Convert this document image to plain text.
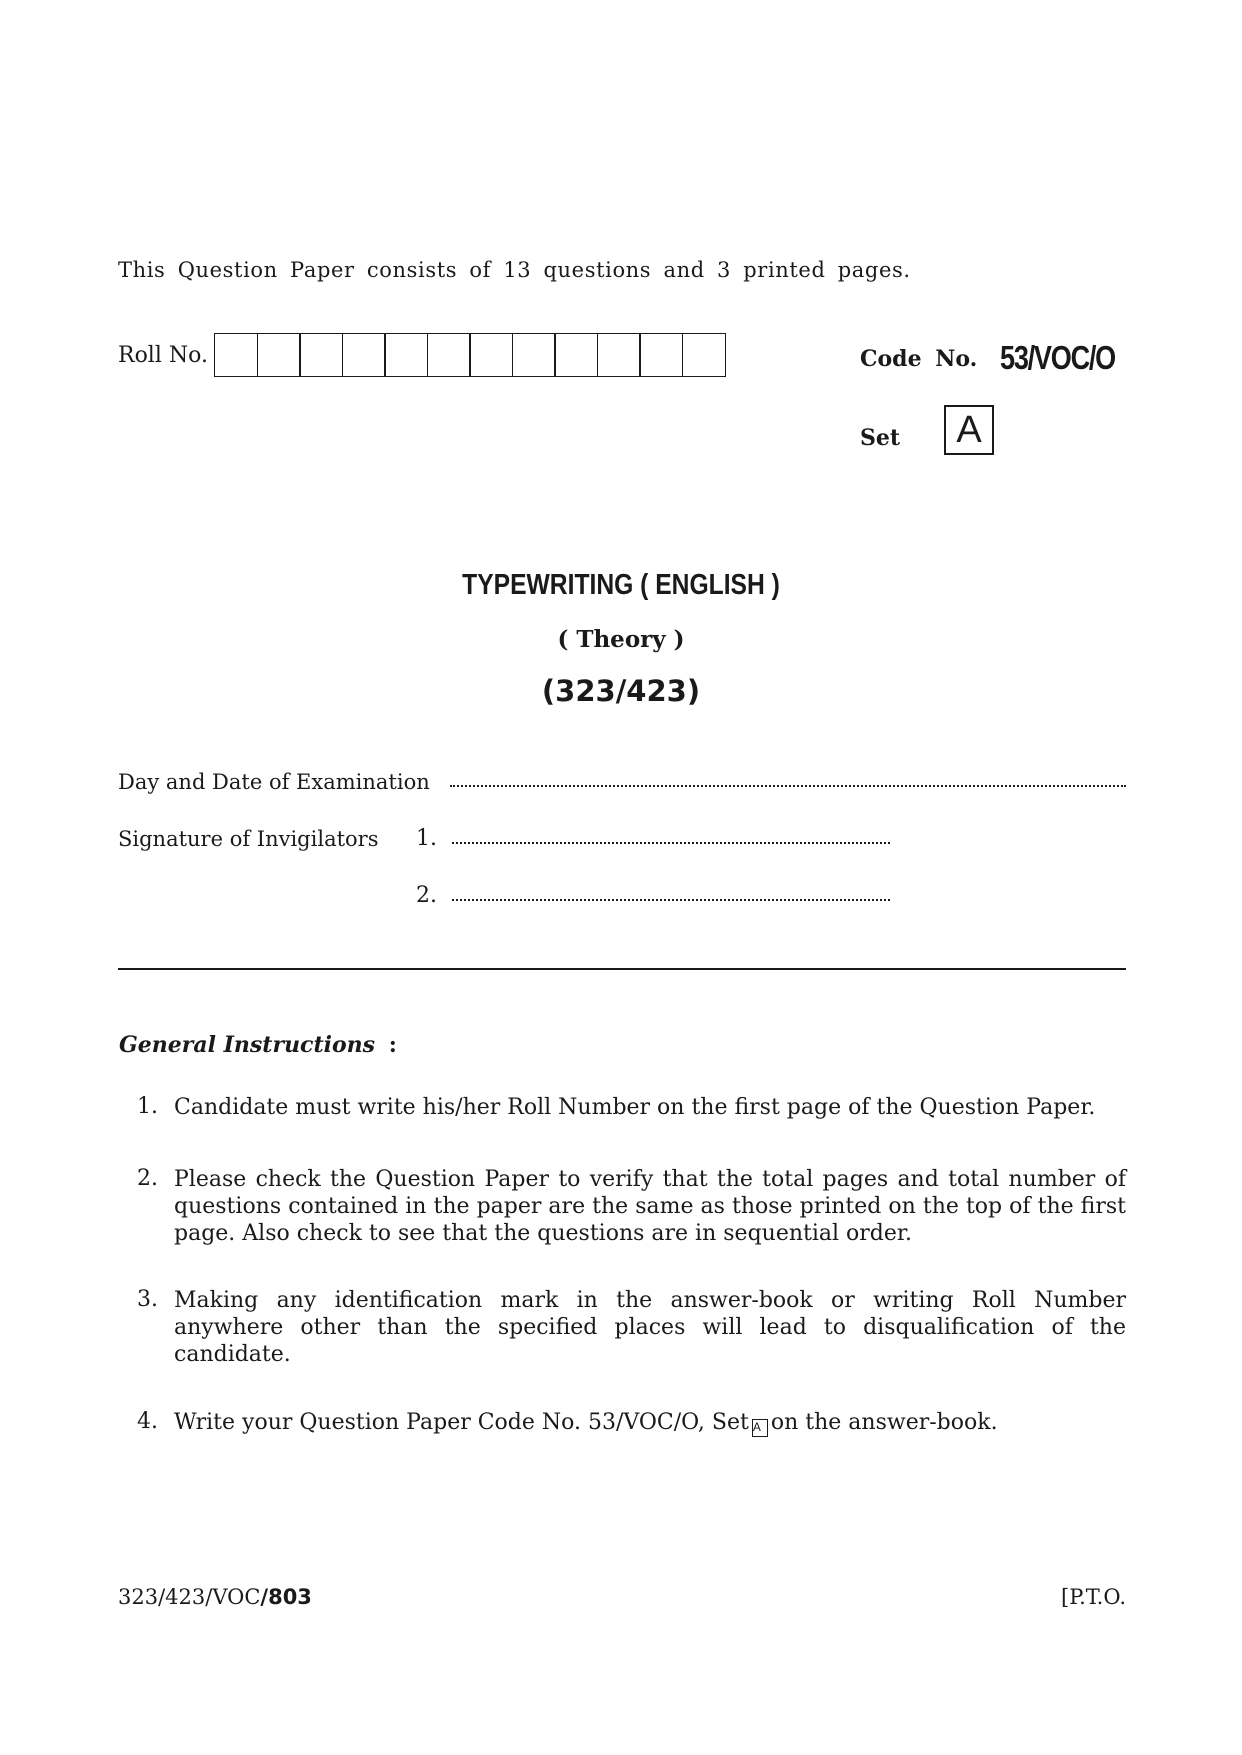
This Question Paper consists of 13 questions and 3 printed pages.
Roll No.	Code No. 53/VOC/O
Set	A
TYPEWRITING ( ENGLISH )
( Theory )
(323/423)
Day and Date of Examination
Signature of Invigilators 1.
2.
General Instructions :
1. Candidate must write his/her Roll Number on the first page of the Question Paper.
2. Please check the Question Paper to verify that the total pages and total number of questions contained in the paper are the same as those printed on the top of the first page. Also check to see that the questions are in sequential order.
3. Making any identification mark in the answer-book or writing Roll Number anywhere other than the specified places will lead to disqualification of the candidate.
4. Write your Question Paper Code No. 53/VOC/O, Set A on the answer-book.
323/423/VOC/803	[P.T.O.
